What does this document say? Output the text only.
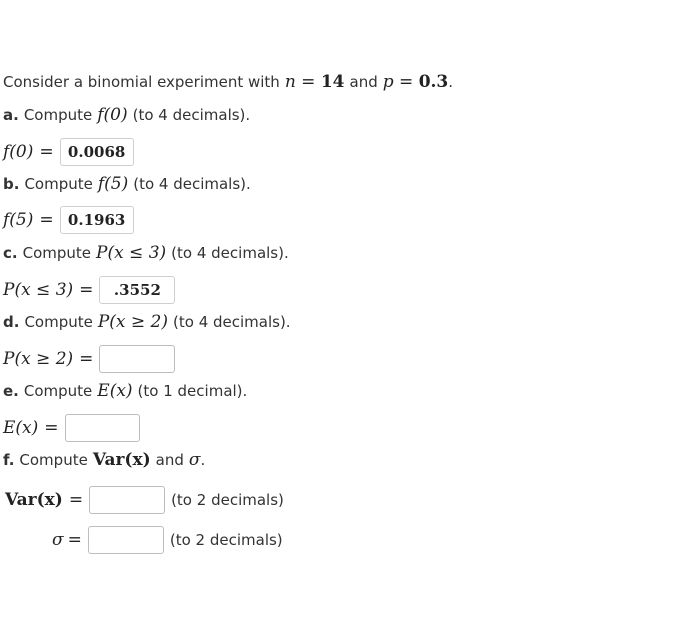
Consider a binomial experiment with n = 14 and p = 0.3 .
a. Compute f(0) (to 4 decimals).
f(0) = 0.0068
b. Compute f(5) (to 4 decimals).
f(5) = 0.1963
c. Compute P(x ≤ 3) (to 4 decimals).
P(x ≤ 3) =	.3552
d. Compute P(x ≥ 2) (to 4 decimals).
P(x ≥ 2) =
e. Compute E(x) (to 1 decimal).
E(x) =
f. Compute Var(x) and σ .
Var(x) =	(to 2 decimals)
σ =	(to 2 decimals)
